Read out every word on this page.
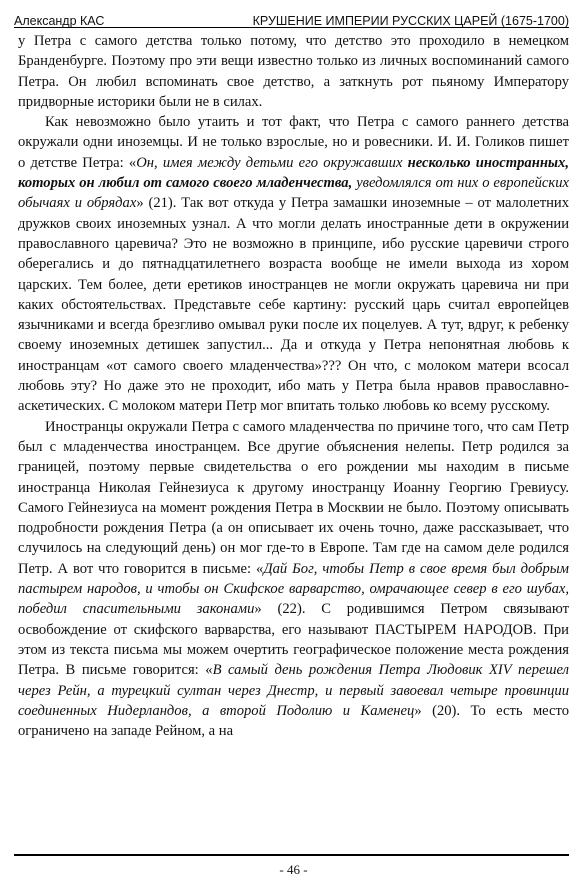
Александр КАС	КРУШЕНИЕ ИМПЕРИИ РУССКИХ ЦАРЕЙ (1675-1700)

у Петра с самого детства только потому, что детство это проходило в немецком Бранденбурге. Поэтому про эти вещи известно только из личных воспоминаний самого Петра. Он любил вспоминать свое детство, а заткнуть рот пьяному Императору придворные историки были не в силах.

Как невозможно было утаить и тот факт, что Петра с самого раннего детства окружали одни иноземцы. И не только взрослые, но и ровесники. И. И. Голиков пишет о детстве Петра: «Он, имея между детьми его окружавших несколько иностранных, которых он любил от самого своего младенчества, уведомлялся от них о европейских обычаях и обрядах» (21). Так вот откуда у Петра замашки иноземные – от малолетних дружков своих иноземных узнал. А что могли делать иностранные дети в окружении православного царевича? Это не возможно в принципе, ибо русские царевичи строго оберегались и до пятнадцатилетнего возраста вообще не имели выхода из хором царских. Тем более, дети еретиков иностранцев не могли окружать царевича ни при каких обстоятельствах. Представьте себе картину: русский царь считал европейцев язычниками и всегда брезгливо омывал руки после их поцелуев. А тут, вдруг, к ребенку своему иноземных детишек запустил... Да и откуда у Петра непонятная любовь к иностранцам «от самого своего младенчества»??? Он что, с молоком матери всосал любовь эту? Но даже это не проходит, ибо мать у Петра была нравов православно-аскетических. С молоком матери Петр мог впитать только любовь ко всему русскому.

Иностранцы окружали Петра с самого младенчества по причине того, что сам Петр был с младенчества иностранцем. Все другие объяснения нелепы. Петр родился за границей, поэтому первые свидетельства о его рождении мы находим в письме иностранца Николая Гейнезиуса к другому иностранцу Иоанну Георгию Гревиусу. Самого Гейнезиуса на момент рождения Петра в Москвии не было. Поэтому описывать подробности рождения Петра (а он описывает их очень точно, даже рассказывает, что случилось на следующий день) он мог где-то в Европе. Там где на самом деле родился Петр. А вот что говорится в письме: «Дай Бог, чтобы Петр в свое время был добрым пастырем народов, и чтобы он Скифское варварство, омрачающее север в его шубах, победил спасительными законами» (22). С родившимся Петром связывают освобождение от скифского варварства, его называют ПАСТЫРЕМ НАРОДОВ. При этом из текста письма мы можем очертить географическое положение места рождения Петра. В письме говорится: «В самый день рождения Петра Людовик XIV перешел через Рейн, а турецкий султан через Днестр, и первый завоевал четыре провинции соединенных Нидерландов, а второй Подолию и Каменец» (20). То есть место ограничено на западе Рейном, а на

- 46 -
